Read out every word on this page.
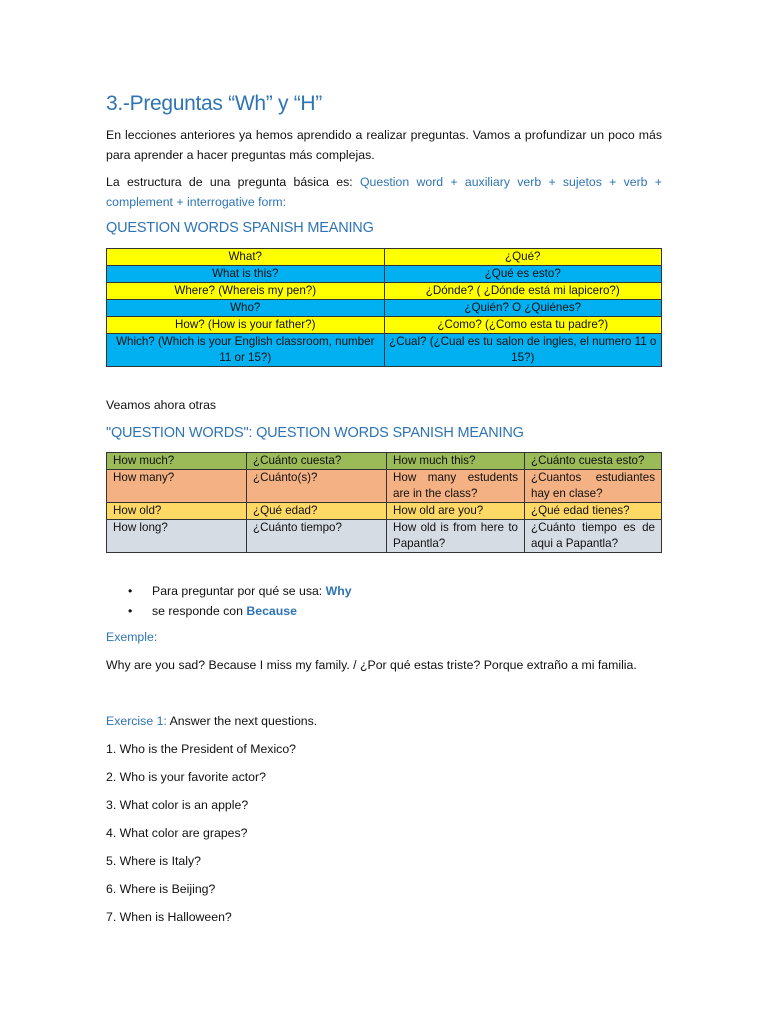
3.-Preguntas “Wh” y “H”
En lecciones anteriores ya hemos aprendido a realizar preguntas. Vamos a profundizar un poco más para aprender a hacer preguntas más complejas.
La estructura de una pregunta básica es: Question word + auxiliary verb + sujetos + verb + complement + interrogative form:
QUESTION WORDS SPANISH MEANING
What?	¿Qué?
What is this?	¿Qué es esto?
Where? (Whereis my pen?)	¿Dónde? ( ¿Dónde está mi lapicero?)
Who?	¿Quién? O ¿Quiénes?
How? (How is your father?)	¿Como? (¿Como esta tu padre?)
Which? (Which is your English classroom, number 11 or 15?)	¿Cual? (¿Cual es tu salon de ingles, el numero 11 o 15?)
Veamos ahora otras
"QUESTION WORDS": QUESTION WORDS SPANISH MEANING
How much?	¿Cuánto cuesta?	How much this?	¿Cuánto cuesta esto?
How many?	¿Cuánto(s)?	How many estudents are in the class?	¿Cuantos estudiantes hay en clase?
How old?	¿Qué edad?	How old are you?	¿Qué edad tienes?
How long?	¿Cuánto tiempo?	How old is from here to Papantla?	¿Cuánto tiempo es de aqui a Papantla?
• Para preguntar por qué se usa: Why
• se responde con Because
Exemple:
Why are you sad? Because I miss my family. / ¿Por qué estas triste? Porque extraño a mi familia.
Exercise 1: Answer the next questions.
1. Who is the President of Mexico?
2. Who is your favorite actor?
3. What color is an apple?
4. What color are grapes?
5. Where is Italy?
6. Where is Beijing?
7. When is Halloween?
